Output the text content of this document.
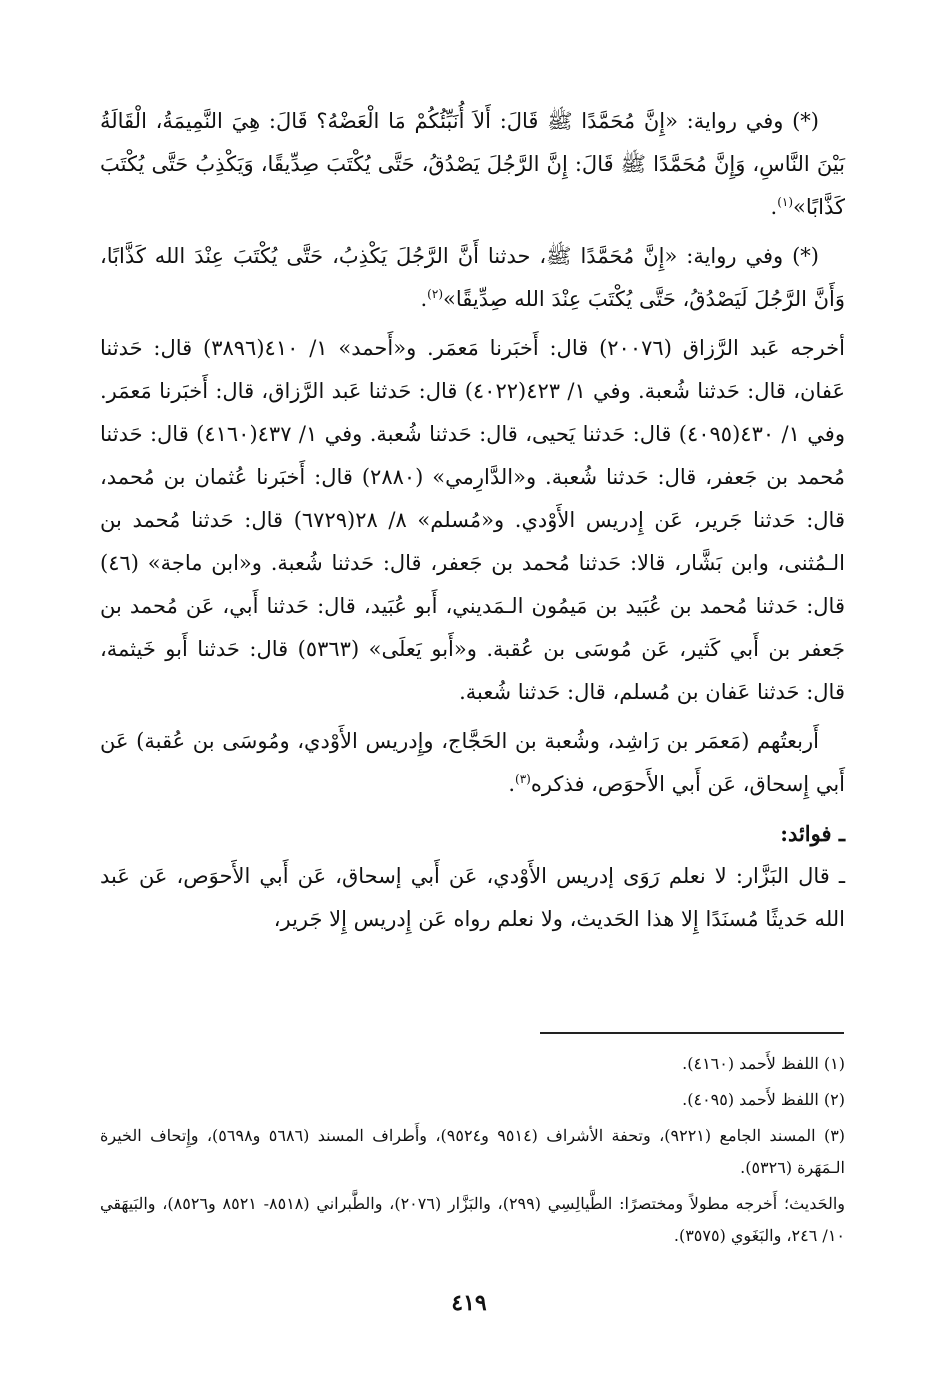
(*) وفي رواية: «إِنَّ مُحَمَّدًا ﷺ قَالَ: أَلاَ أُنَبِّئُكُمْ مَا الْعَضْهُ؟ قَالَ: هِيَ النَّمِيمَةُ، الْقَالَةُ بَيْنَ النَّاسِ، وَإِنَّ مُحَمَّدًا ﷺ قَالَ: إِنَّ الرَّجُلَ يَصْدُقُ، حَتَّى يُكْتَبَ صِدِّيقًا، وَيَكْذِبُ حَتَّى يُكْتَبَ كَذَّابًا»$^{(١)}$.

(*) وفي رواية: «إِنَّ مُحَمَّدًا ﷺ، حدثنا أَنَّ الرَّجُلَ يَكْذِبُ، حَتَّى يُكْتَبَ عِنْدَ الله كَذَّابًا، وَأَنَّ الرَّجُلَ لَيَصْدُقُ، حَتَّى يُكْتَبَ عِنْدَ الله صِدِّيقًا»$^{(٢)}$.

أخرجه عَبد الرَّزاق (٢٠٠٧٦) قال: أَخبَرنا مَعمَر. و«أَحمد» ١/ ٤١٠(٣٨٩٦) قال: حَدثنا عَفان، قال: حَدثنا شُعبة. وفي ١/ ٤٢٣(٤٠٢٢) قال: حَدثنا عَبد الرَّزاق، قال: أَخبَرنا مَعمَر. وفي ١/ ٤٣٠(٤٠٩٥) قال: حَدثنا يَحيى، قال: حَدثنا شُعبة. وفي ١/ ٤٣٧(٤١٦٠) قال: حَدثنا مُحمد بن جَعفر، قال: حَدثنا شُعبة. و«الدَّارِمي» (٢٨٨٠) قال: أَخبَرنا عُثمان بن مُحمد، قال: حَدثنا جَرير، عَن إِدريس الأَوْدي. و«مُسلم» ٨/ ٢٨(٦٧٢٩) قال: حَدثنا مُحمد بن الـمُثنى، وابن بَشَّار، قالا: حَدثنا مُحمد بن جَعفر، قال: حَدثنا شُعبة. و«ابن ماجة» (٤٦) قال: حَدثنا مُحمد بن عُبَيد بن مَيمُون الـمَديني، أَبو عُبَيد، قال: حَدثنا أَبي، عَن مُحمد بن جَعفر بن أَبي كَثير، عَن مُوسَى بن عُقبة. و«أَبو يَعلَى» (٥٣٦٣) قال: حَدثنا أَبو خَيثمة، قال: حَدثنا عَفان بن مُسلم، قال: حَدثنا شُعبة.

أَربعتُهم (مَعمَر بن رَاشِد، وشُعبة بن الحَجَّاج، وإِدريس الأَوْدي، ومُوسَى بن عُقبة) عَن أَبي إِسحاق، عَن أَبي الأَحوَص، فذكره$^{(٣)}$.

ـ فوائد:

ـ قال البَزَّار: لا نعلم رَوَى إدريس الأَوْدي، عَن أَبي إسحاق، عَن أَبي الأَحوَص، عَن عَبد الله حَديثًا مُسنَدًا إِلا هذا الحَديث، ولا نعلم رواه عَن إِدريس إِلا جَرير،

(١) اللفظ لأَحمد (٤١٦٠).

(٢) اللفظ لأَحمد (٤٠٩٥).

(٣) المسند الجامع (٩٢٢١)، وتحفة الأشراف (٩٥١٤ و٩٥٢٤)، وأَطراف المسند (٥٦٨٦ و٥٦٩٨)، وإِتحاف الخيرة الـمَهَرة (٥٣٢٦).

والحَديث؛ أَخرجه مطولاً ومختصرًا: الطَّيالِسِي (٢٩٩)، والبَزَّار (٢٠٧٦)، والطَّبراني (٨٥١٨- ٨٥٢١ و٨٥٢٦)، والبَيهَقي ١٠/ ٢٤٦، والبَغَوي (٣٥٧٥).

٤١٩
